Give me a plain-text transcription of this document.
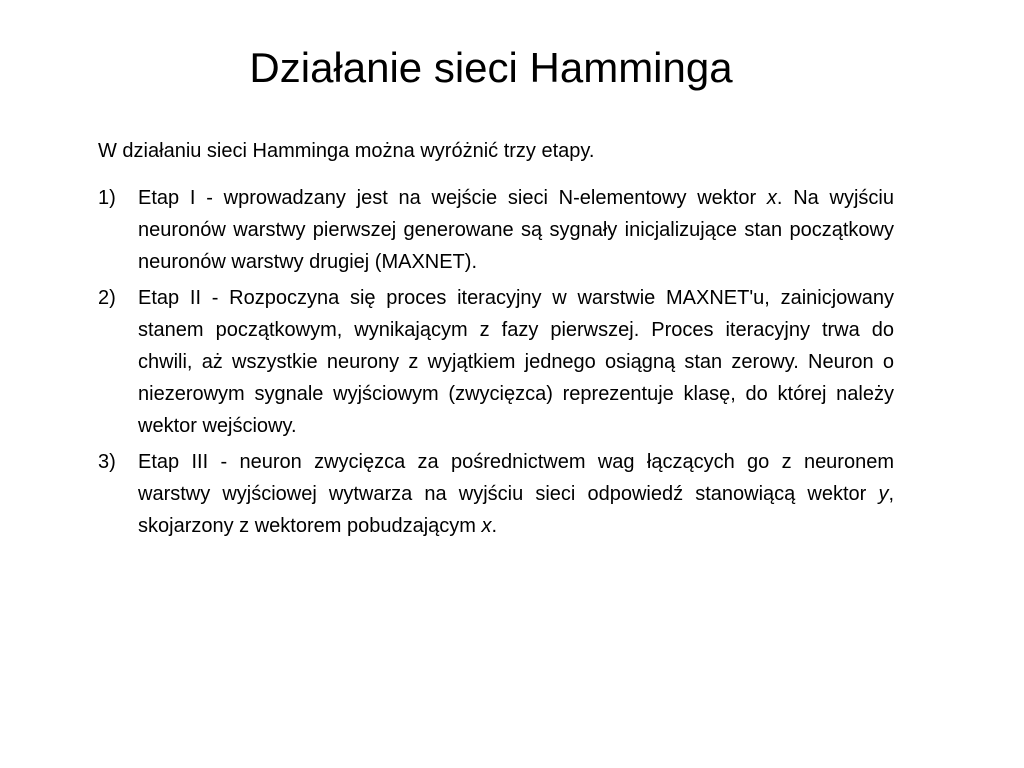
Działanie sieci Hamminga

W działaniu sieci Hamminga można wyróżnić trzy etapy.

1) Etap I - wprowadzany jest na wejście sieci N-elementowy wektor x. Na wyjściu neuronów warstwy pierwszej generowane są sygnały inicjalizujące stan początkowy neuronów warstwy drugiej (MAXNET).
2) Etap II - Rozpoczyna się proces iteracyjny w warstwie MAXNET'u, zainicjowany stanem początkowym, wynikającym z fazy pierwszej. Proces iteracyjny trwa do chwili, aż wszystkie neurony z wyjątkiem jednego osiągną stan zerowy. Neuron o niezerowym sygnale wyjściowym (zwycięzca) reprezentuje klasę, do której należy wektor wejściowy.
3) Etap III - neuron zwycięzca za pośrednictwem wag łączących go z neuronem warstwy wyjściowej wytwarza na wyjściu sieci odpowiedź stanowiącą wektor y, skojarzony z wektorem pobudzającym x.
